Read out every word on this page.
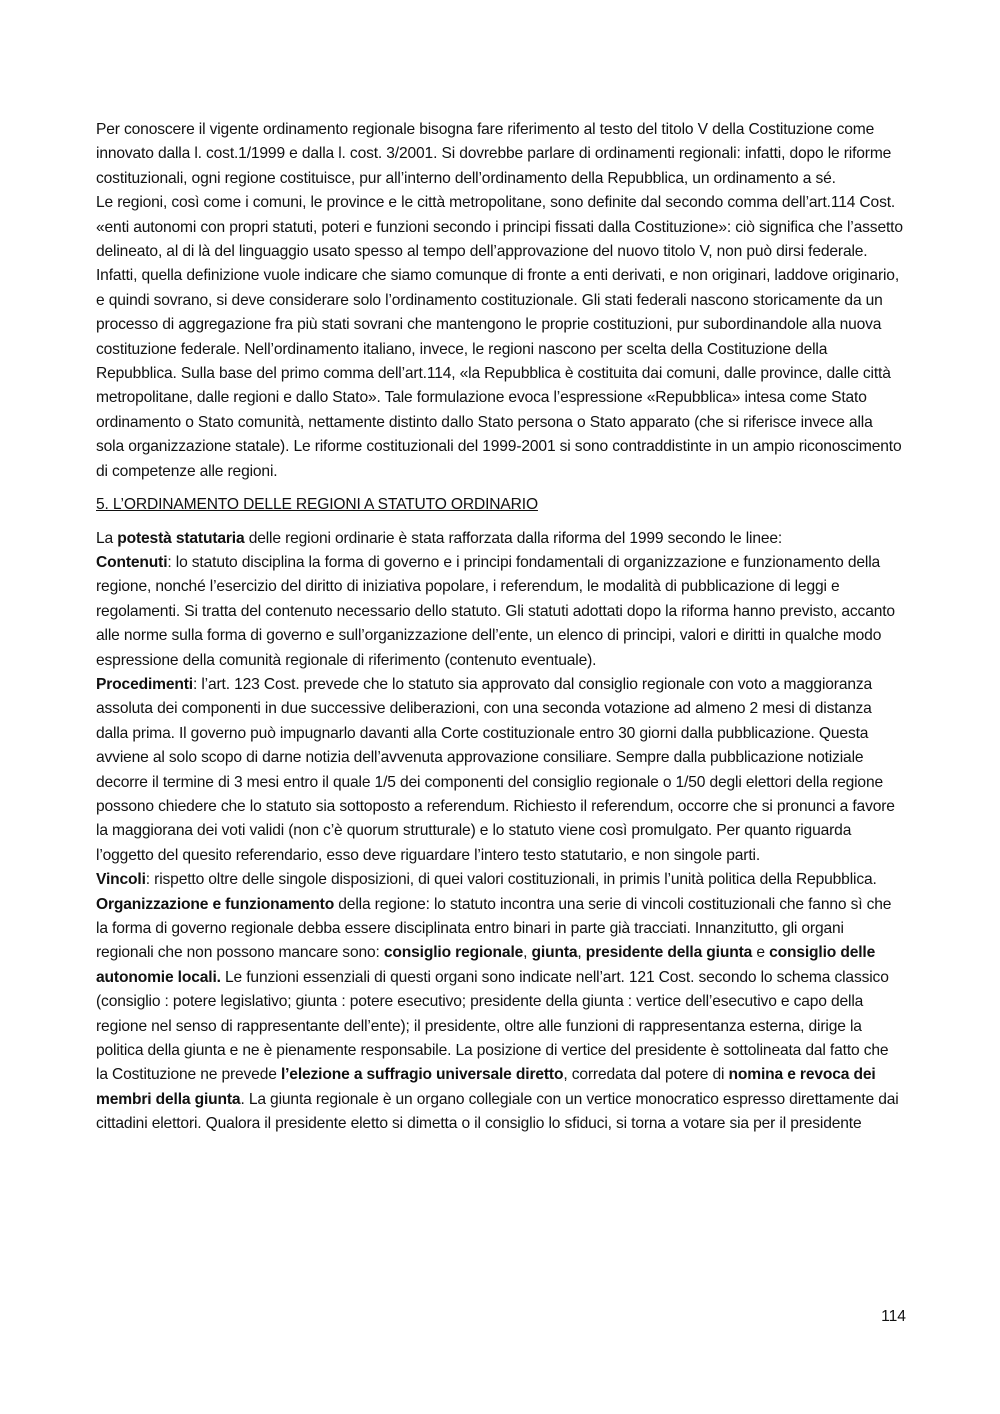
Per conoscere il vigente ordinamento regionale bisogna fare riferimento al testo del titolo V della Costituzione come innovato dalla l. cost.1/1999 e dalla l. cost. 3/2001. Si dovrebbe parlare di ordinamenti regionali: infatti, dopo le riforme costituzionali, ogni regione costituisce, pur all’interno dell’ordinamento della Repubblica, un ordinamento a sé.

Le regioni, così come i comuni, le province e le città metropolitane, sono definite dal secondo comma dell’art.114 Cost. «enti autonomi con propri statuti, poteri e funzioni secondo i principi fissati dalla Costituzione»: ciò significa che l’assetto delineato, al di là del linguaggio usato spesso al tempo dell’approvazione del nuovo titolo V, non può dirsi federale. Infatti, quella definizione vuole indicare che siamo comunque di fronte a enti derivati, e non originari, laddove originario, e quindi sovrano, si deve considerare solo l’ordinamento costituzionale. Gli stati federali nascono storicamente da un processo di aggregazione fra più stati sovrani che mantengono le proprie costituzioni, pur subordinandole alla nuova costituzione federale. Nell’ordinamento italiano, invece, le regioni nascono per scelta della Costituzione della Repubblica. Sulla base del primo comma dell’art.114, «la Repubblica è costituita dai comuni, dalle province, dalle città metropolitane, dalle regioni e dallo Stato». Tale formulazione evoca l’espressione «Repubblica» intesa come Stato ordinamento o Stato comunità, nettamente distinto dallo Stato persona o Stato apparato (che si riferisce invece alla sola organizzazione statale). Le riforme costituzionali del 1999-2001 si sono contraddistinte in un ampio riconoscimento di competenze alle regioni.

5. L’ORDINAMENTO DELLE REGIONI A STATUTO ORDINARIO

La potestà statutaria delle regioni ordinarie è stata rafforzata dalla riforma del 1999 secondo le linee:

Contenuti: lo statuto disciplina la forma di governo e i principi fondamentali di organizzazione e funzionamento della regione, nonché l’esercizio del diritto di iniziativa popolare, i referendum, le modalità di pubblicazione di leggi e regolamenti. Si tratta del contenuto necessario dello statuto. Gli statuti adottati dopo la riforma hanno previsto, accanto alle norme sulla forma di governo e sull’organizzazione dell’ente, un elenco di principi, valori e diritti in qualche modo espressione della comunità regionale di riferimento (contenuto eventuale).

Procedimenti: l’art. 123 Cost. prevede che lo statuto sia approvato dal consiglio regionale con voto a maggioranza assoluta dei componenti in due successive deliberazioni, con una seconda votazione ad almeno 2 mesi di distanza dalla prima. Il governo può impugnarlo davanti alla Corte costituzionale entro 30 giorni dalla pubblicazione. Questa avviene al solo scopo di darne notizia dell’avvenuta approvazione consiliare. Sempre dalla pubblicazione notiziale decorre il termine di 3 mesi entro il quale 1/5 dei componenti del consiglio regionale o 1/50 degli elettori della regione possono chiedere che lo statuto sia sottoposto a referendum. Richiesto il referendum, occorre che si pronunci a favore la maggiorana dei voti validi (non c’è quorum strutturale) e lo statuto viene così promulgato. Per quanto riguarda l’oggetto del quesito referendario, esso deve riguardare l’intero testo statutario, e non singole parti.

Vincoli: rispetto oltre delle singole disposizioni, di quei valori costituzionali, in primis l’unità politica della Repubblica.

Organizzazione e funzionamento della regione: lo statuto incontra una serie di vincoli costituzionali che fanno sì che la forma di governo regionale debba essere disciplinata entro binari in parte già tracciati. Innanzitutto, gli organi regionali che non possono mancare sono: consiglio regionale, giunta, presidente della giunta e consiglio delle autonomie locali. Le funzioni essenziali di questi organi sono indicate nell’art. 121 Cost. secondo lo schema classico (consiglio : potere legislativo; giunta : potere esecutivo; presidente della giunta : vertice dell’esecutivo e capo della regione nel senso di rappresentante dell’ente); il presidente, oltre alle funzioni di rappresentanza esterna, dirige la politica della giunta e ne è pienamente responsabile. La posizione di vertice del presidente è sottolineata dal fatto che la Costituzione ne prevede l’elezione a suffragio universale diretto, corredata dal potere di nomina e revoca dei membri della giunta. La giunta regionale è un organo collegiale con un vertice monocratico espresso direttamente dai cittadini elettori. Qualora il presidente eletto si dimetta o il consiglio lo sfiduci, si torna a votare sia per il presidente

114
